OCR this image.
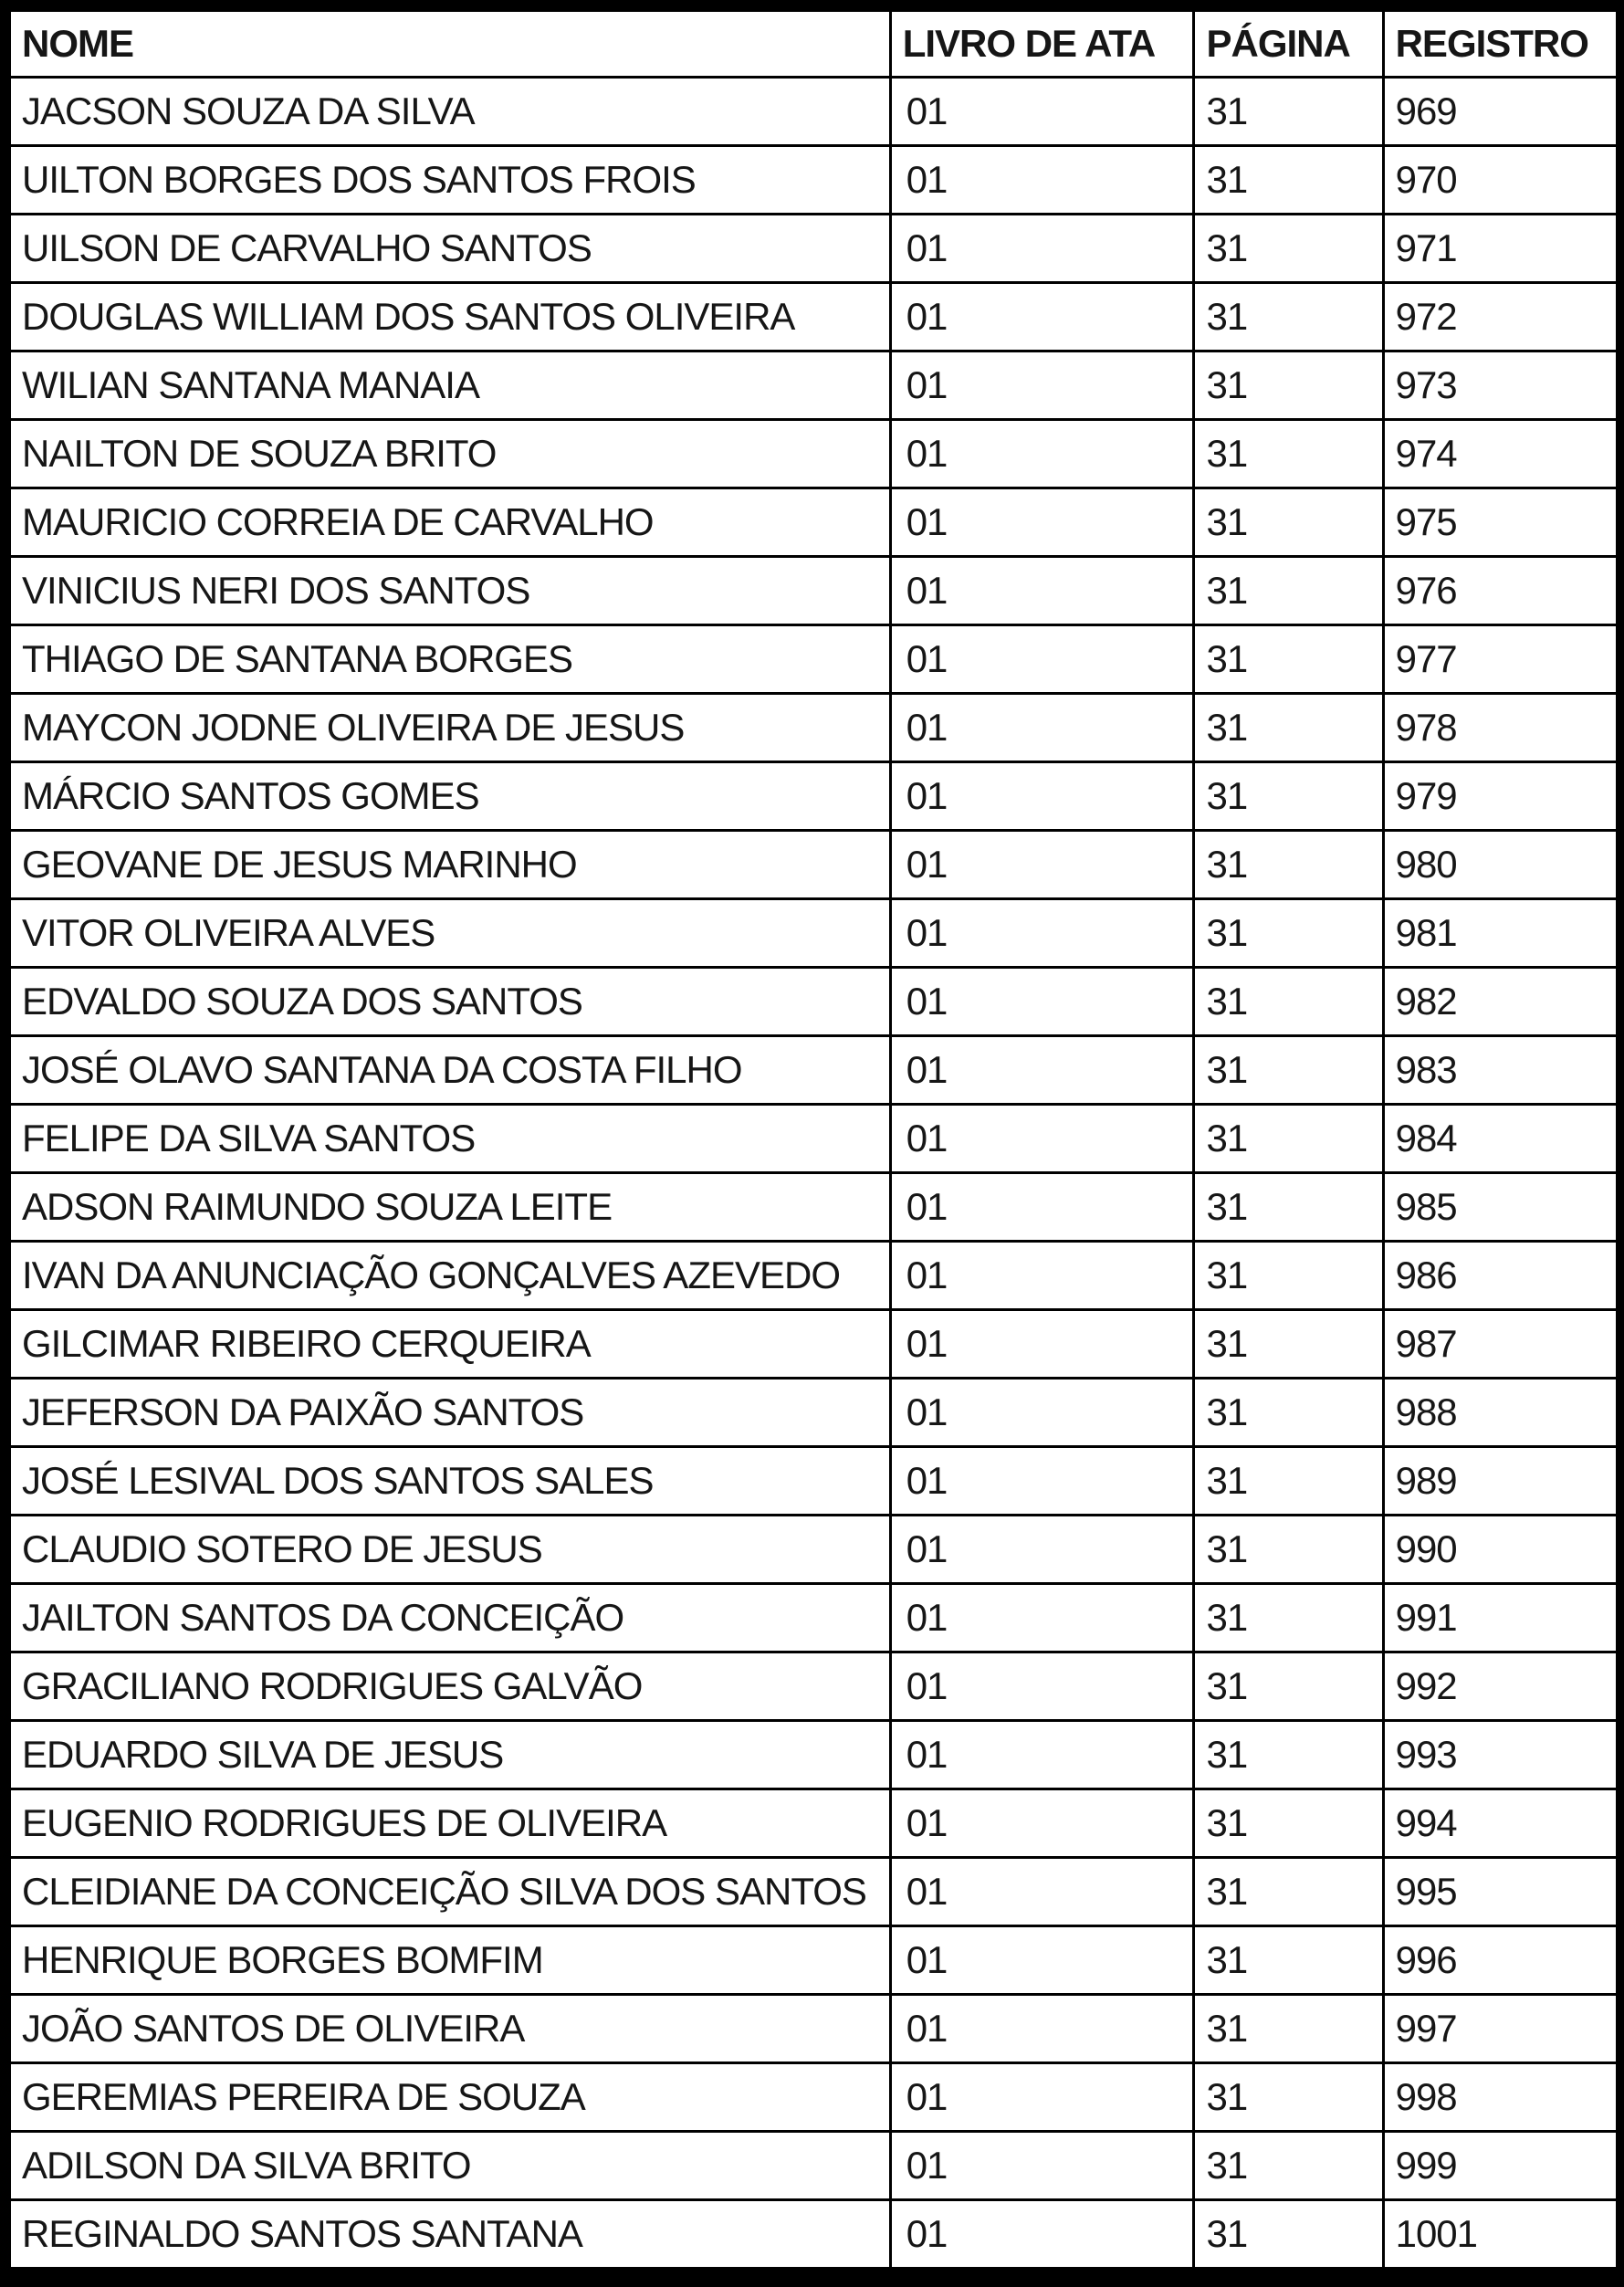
NOME	LIVRO DE ATA	PÁGINA	REGISTRO
JACSON SOUZA DA SILVA	01	31	969
UILTON BORGES DOS SANTOS FROIS	01	31	970
UILSON DE CARVALHO SANTOS	01	31	971
DOUGLAS WILLIAM DOS SANTOS OLIVEIRA	01	31	972
WILIAN SANTANA MANAIA	01	31	973
NAILTON DE SOUZA BRITO	01	31	974
MAURICIO CORREIA DE CARVALHO	01	31	975
VINICIUS NERI DOS SANTOS	01	31	976
THIAGO DE SANTANA BORGES	01	31	977
MAYCON JODNE OLIVEIRA DE JESUS	01	31	978
MÁRCIO SANTOS GOMES	01	31	979
GEOVANE DE JESUS MARINHO	01	31	980
VITOR OLIVEIRA ALVES	01	31	981
EDVALDO SOUZA DOS SANTOS	01	31	982
JOSÉ OLAVO SANTANA DA COSTA FILHO	01	31	983
FELIPE DA SILVA SANTOS	01	31	984
ADSON RAIMUNDO SOUZA LEITE	01	31	985
IVAN DA ANUNCIAÇÃO GONÇALVES AZEVEDO	01	31	986
GILCIMAR RIBEIRO CERQUEIRA	01	31	987
JEFERSON DA PAIXÃO SANTOS	01	31	988
JOSÉ LESIVAL DOS SANTOS SALES	01	31	989
CLAUDIO SOTERO DE JESUS	01	31	990
JAILTON SANTOS DA CONCEIÇÃO	01	31	991
GRACILIANO RODRIGUES GALVÃO	01	31	992
EDUARDO SILVA DE JESUS	01	31	993
EUGENIO RODRIGUES DE OLIVEIRA	01	31	994
CLEIDIANE DA CONCEIÇÃO SILVA DOS SANTOS	01	31	995
HENRIQUE BORGES BOMFIM	01	31	996
JOÃO SANTOS DE OLIVEIRA	01	31	997
GEREMIAS PEREIRA DE SOUZA	01	31	998
ADILSON DA SILVA BRITO	01	31	999
REGINALDO SANTOS SANTANA	01	31	1001
